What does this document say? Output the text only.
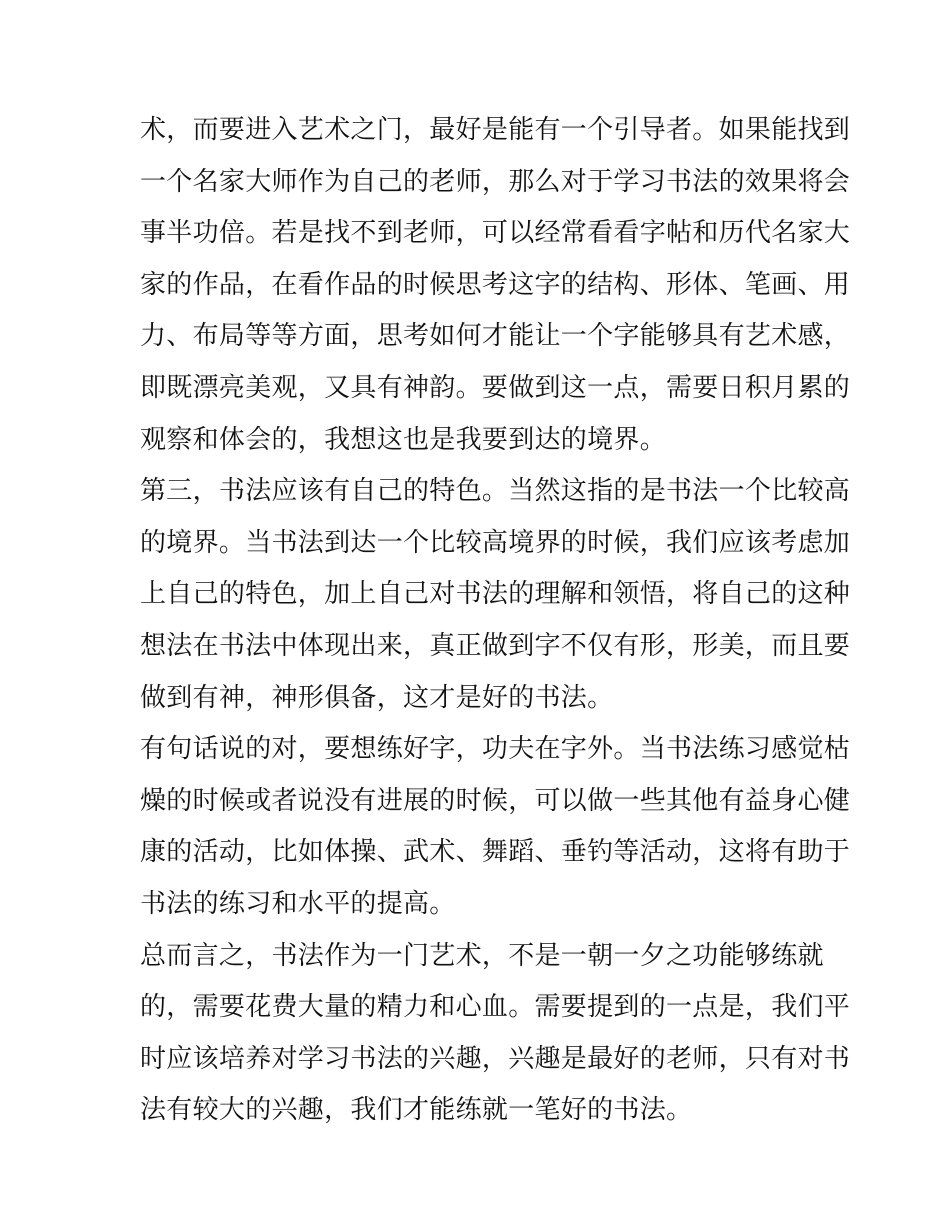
术，而要进入艺术之门，最好是能有一个引导者。如果能找到
一个名家大师作为自己的老师，那么对于学习书法的效果将会
事半功倍。若是找不到老师，可以经常看看字帖和历代名家大
家的作品，在看作品的时候思考这字的结构、形体、笔画、用
力、布局等等方面，思考如何才能让一个字能够具有艺术感，
即既漂亮美观，又具有神韵。要做到这一点，需要日积月累的
观察和体会的，我想这也是我要到达的境界。
第三，书法应该有自己的特色。当然这指的是书法一个比较高
的境界。当书法到达一个比较高境界的时候，我们应该考虑加
上自己的特色，加上自己对书法的理解和领悟，将自己的这种
想法在书法中体现出来，真正做到字不仅有形，形美，而且要
做到有神，神形俱备，这才是好的书法。
有句话说的对，要想练好字，功夫在字外。当书法练习感觉枯
燥的时候或者说没有进展的时候，可以做一些其他有益身心健
康的活动，比如体操、武术、舞蹈、垂钓等活动，这将有助于
书法的练习和水平的提高。
总而言之，书法作为一门艺术，不是一朝一夕之功能够练就
的，需要花费大量的精力和心血。需要提到的一点是，我们平
时应该培养对学习书法的兴趣，兴趣是最好的老师，只有对书
法有较大的兴趣，我们才能练就一笔好的书法。
